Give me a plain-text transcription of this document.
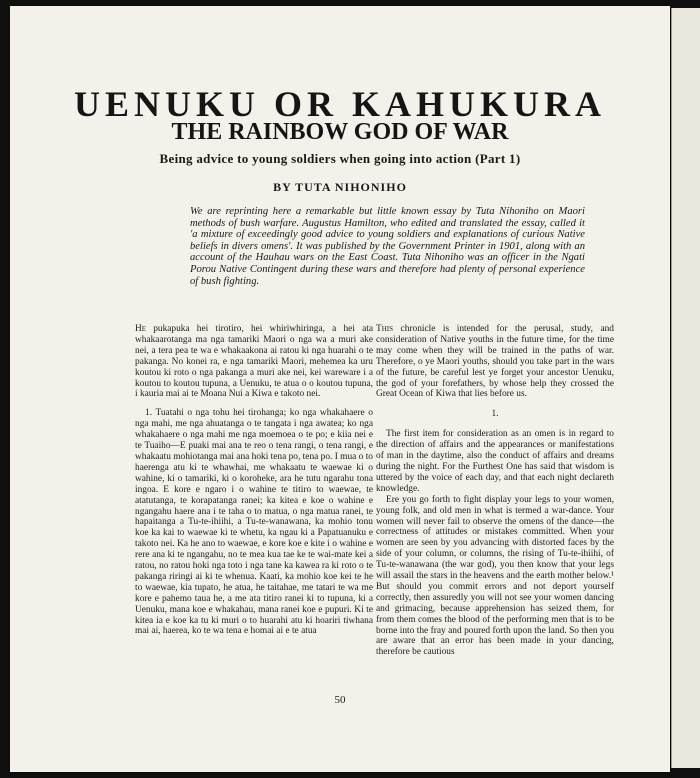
UENUKU OR KAHUKURA
THE RAINBOW GOD OF WAR
Being advice to young soldiers when going into action (Part 1)
BY TUTA NIHONIHO

We are reprinting here a remarkable but little known essay by Tuta Nihoniho on Maori methods of bush warfare. Augustus Hamilton, who edited and translated the essay, called it 'a mixture of exceedingly good advice to young soldiers and explanations of curious Native beliefs in divers omens'. It was published by the Government Printer in 1901, along with an account of the Hauhau wars on the East Coast. Tuta Nihoniho was an officer in the Ngati Porou Native Contingent during these wars and therefore had plenty of personal experience of bush fighting.

He pukapuka hei tirotiro, hei whiriwhiringa, a hei ata whakaarotanga ma nga tamariki Maori o nga wa a muri ake nei, a tera pea te wa e whakaakona ai ratou ki nga huarahi o te pakanga. No konei ra, e nga tamariki Maori, mehemea ka uru koutou ki roto o nga pakanga a muri ake nei, kei wareware i a koutou to koutou tupuna, a Uenuku, te atua o o koutou tupuna, i kauria mai ai te Moana Nui a Kiwa e takoto nei.

1. Tuatahi o nga tohu hei tirohanga; ko nga whakahaere o nga mahi, me nga ahuatanga o te tangata i nga awatea; ko nga whakahaere o nga mahi me nga moemoea o te po; e kiia nei e te Tuaiho—E puaki mai ana te reo o tena rangi, o tena rangi, e whakaatu mohiotanga mai ana hoki tena po, tena po. I mua o to haerenga atu ki te whawhai, me whakaatu te waewae ki o wahine, ki o tamariki, ki o koroheke, ara he tutu ngarahu tona ingoa. E kore e ngaro i o wahine te titiro to waewae, te atatutanga, te korapatanga ranei; ka kitea e koe o wahine e ngangahu haere ana i te taha o to matua, o nga matua ranei, te hapaitanga a Tu-te-ihiihi, a Tu-te-wanawana, ka mohio tonu koe ka kai to waewae ki te whetu, ka ngau ki a Papatuanuku e takoto nei. Ka he ano to waewae, e kore koe e kite i o wahine e rere ana ki te ngangahu, no te mea kua tae ke te wai-mate kei a ratou, no ratou hoki nga toto i nga tane ka kawea ra ki roto o te pakanga riringi ai ki te whenua. Kaati, ka mohio koe kei te he to waewae, kia tupato, he atua, he taitahae, me tatari te wa me kore e pahemo taua he, a me ata titiro ranei ki to tupuna, ki a Uenuku, mana koe e whakahau, mana ranei koe e pupuri. Ki te kitea ia e koe ka tu ki muri o to huarahi atu ki hoariri tiwhana mai ai, haerea, ko te wa tena e homai ai e te atua

This chronicle is intended for the perusal, study, and consideration of Native youths in the future time, for the time may come when they will be trained in the paths of war. Therefore, o ye Maori youths, should you take part in the wars of the future, be careful lest ye forget your ancestor Uenuku, the god of your forefathers, by whose help they crossed the Great Ocean of Kiwa that lies before us.

1.

The first item for consideration as an omen is in regard to the direction of affairs and the appearances or manifestations of man in the daytime, also the conduct of affairs and dreams during the night. For the Furthest One has said that wisdom is uttered by the voice of each day, and that each night declareth knowledge.

Ere you go forth to fight display your legs to your women, young folk, and old men in what is termed a war-dance. Your women will never fail to observe the omens of the dance—the correctness of attitudes or mistakes committed. When your women are seen by you advancing with distorted faces by the side of your column, or columns, the rising of Tu-te-ihiihi, of Tu-te-wanawana (the war god), you then know that your legs will assail the stars in the heavens and the earth mother below.¹ But should you commit errors and not deport yourself correctly, then assuredly you will not see your women dancing and grimacing, because apprehension has seized them, for from them comes the blood of the performing men that is to be borne into the fray and poured forth upon the land. So then you are aware that an error has been made in your dancing, therefore be cautious

50
